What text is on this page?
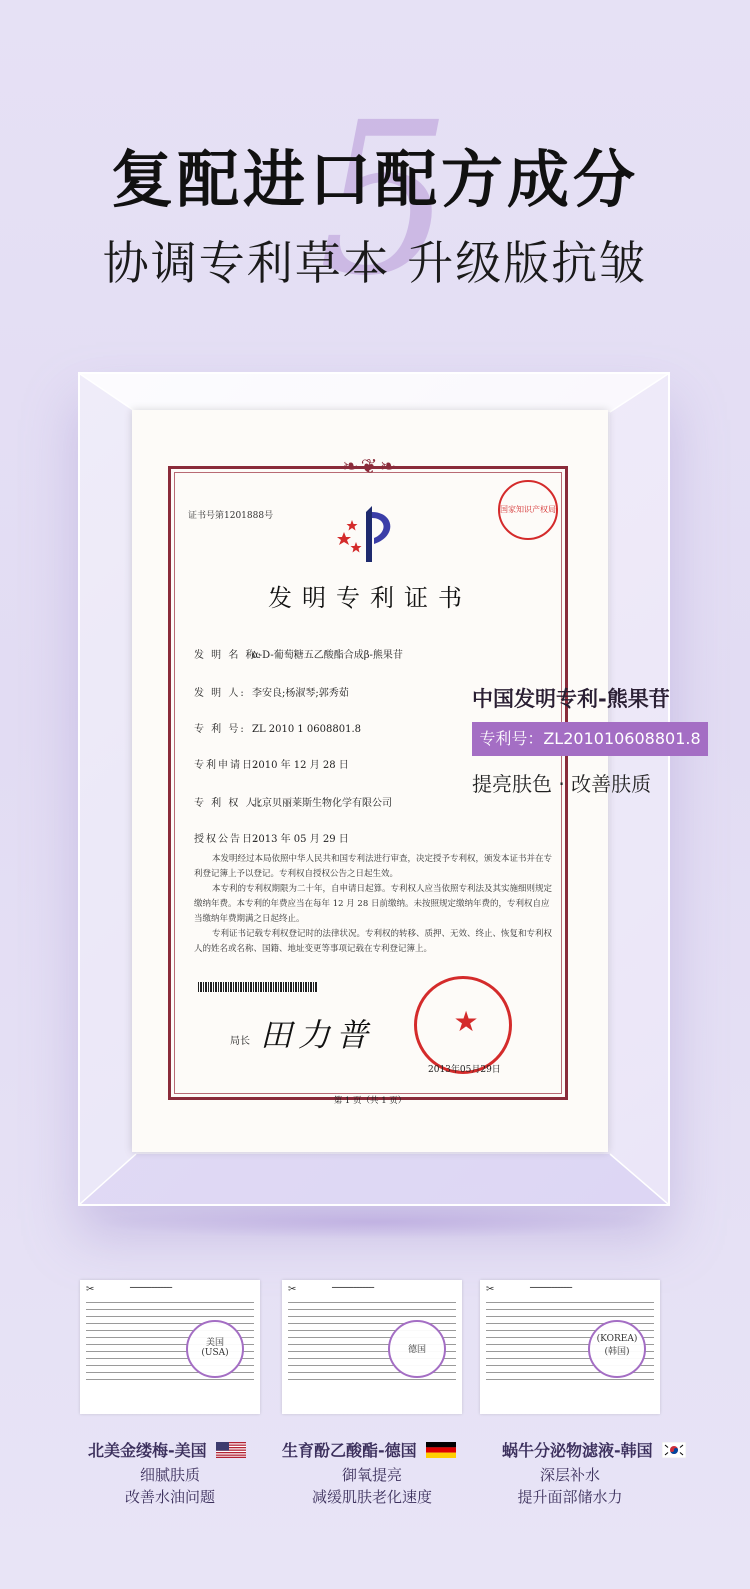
5
复配进口配方成分
协调专利草本 升级版抗皱
❧❦❧
证书号第1201888号
国家知识产权局
发明专利证书
发 明 名 称:α-D-葡萄糖五乙酸酯合成β-熊果苷
发 明 人: 李安良;杨淑琴;郭秀茹
专 利 号: ZL 2010 1 0608801.8
专利申请日:2010 年 12 月 28 日
专 利 权 人:北京贝丽莱斯生物化学有限公司
授权公告日:2013 年 05 月 29 日

本发明经过本局依照中华人民共和国专利法进行审查，决定授予专利权，颁发本证书并在专利登记簿上予以登记。专利权自授权公告之日起生效。

本专利的专利权期限为二十年，自申请日起算。专利权人应当依照专利法及其实施细则规定缴纳年费。本专利的年费应当在每年 12 月 28 日前缴纳。未按照规定缴纳年费的，专利权自应当缴纳年费期满之日起终止。

专利证书记载专利权登记时的法律状况。专利权的转移、质押、无效、终止、恢复和专利权人的姓名或名称、国籍、地址变更等事项记载在专利登记簿上。

局长 田力普	★
2013年05月29日
第 1 页（共 1 页）
中国发明专利-熊果苷
专利号：ZL201010608801.8
提亮肤色 · 改善肤质
✂	━━━━━━━━━━━━━━
美国
(USA)
北美金缕梅-美国
细腻肤质
改善水油问题
✂	━━━━━━━━━━━━━━
德国
生育酚乙酸酯-德国
御氧提亮
减缓肌肤老化速度
✂	━━━━━━━━━━━━━━
(KOREA)
(韩国)
蜗牛分泌物滤液-韩国
深层补水
提升面部储水力
